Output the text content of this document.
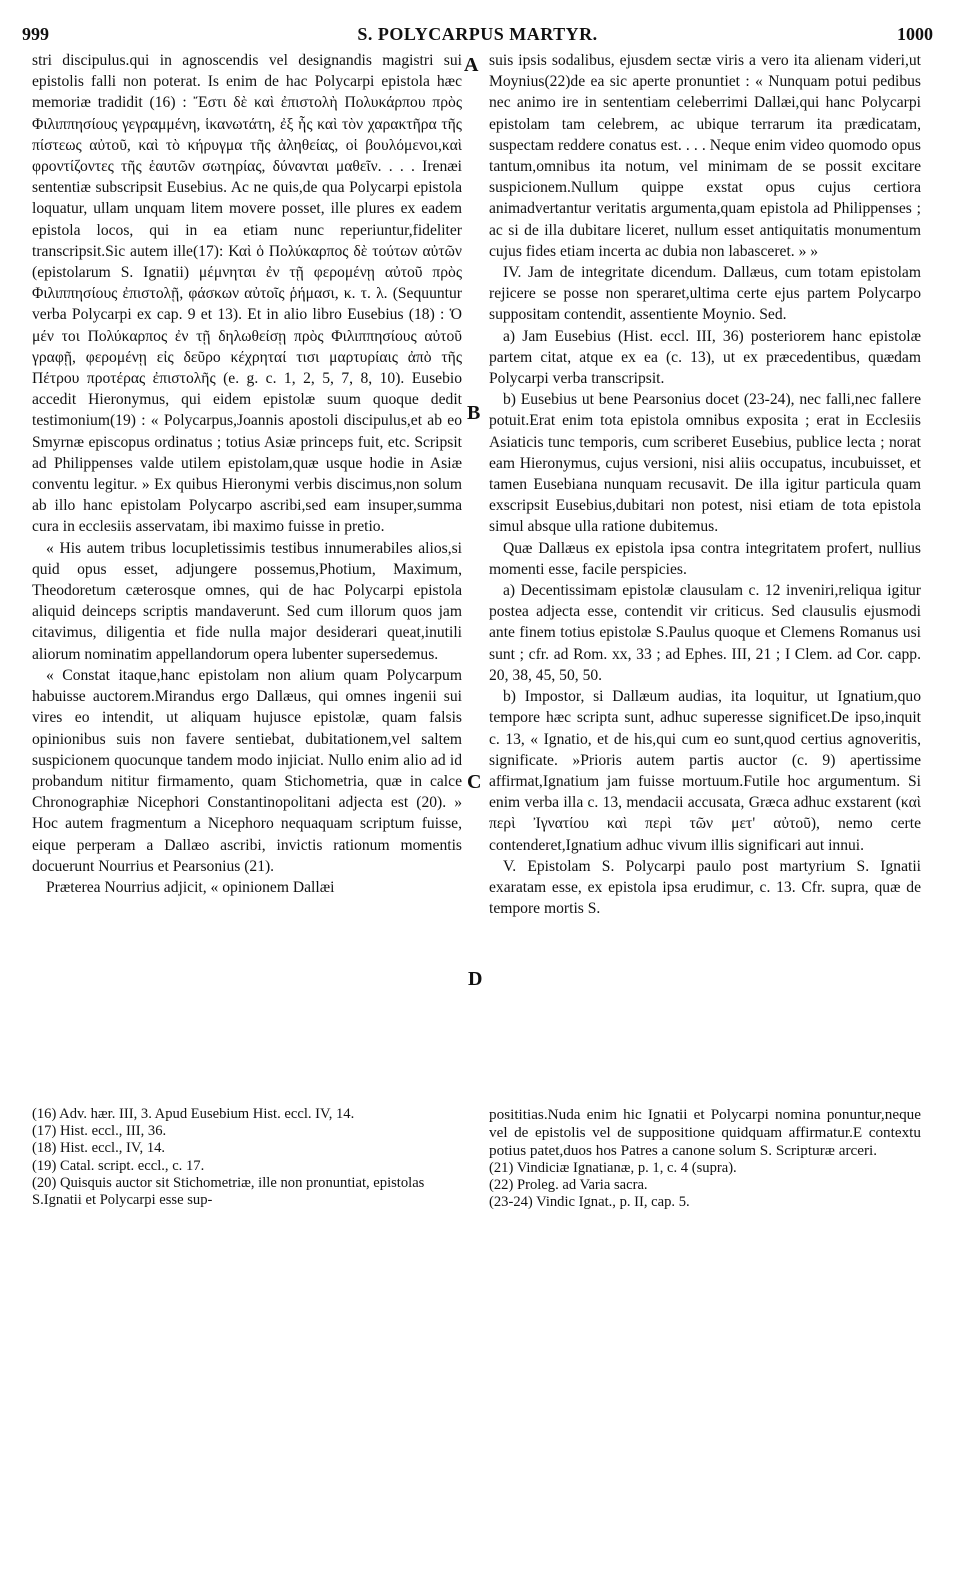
999	S. POLYCARPUS MARTYR.	1000

stri discipulus.qui in agnoscendis vel designandis magistri sui epistolis falli non poterat. Is enim de hac Polycarpi epistola hæc memoriæ tradidit (16) : Ἔστι δὲ καὶ ἐπιστολὴ Πολυκάρπου πρὸς Φιλιππησίους γεγραμμένη, ἱκανωτάτη, ἐξ ἧς καὶ τὸν χαρακτῆρα τῆς πίστεως αὐτοῦ, καὶ τὸ κήρυγμα τῆς ἀληθείας, οἱ βουλόμενοι,καὶ φροντίζοντες τῆς ἑαυτῶν σωτηρίας, δύνανται μαθεῖν. . . . Irenæi sententiæ subscripsit Eusebius. Ac ne quis,de qua Polycarpi epistola loquatur, ullam unquam litem movere posset, ille plures ex eadem epistola locos, qui in ea etiam nunc reperiuntur,fideliter transcripsit.Sic autem ille(17): Καὶ ὁ Πολύκαρπος δὲ τούτων αὐτῶν (epistolarum S. Ignatii) μέμνηται ἐν τῇ φερομένῃ αὐτοῦ πρὸς Φιλιππησίους ἐπιστολῇ, φάσκων αὐτοῖς ῥήμασι, κ. τ. λ. (Sequuntur verba Polycarpi ex cap. 9 et 13). Et in alio libro Eusebius (18) : Ὁ μέν τοι Πολύκαρπος ἐν τῇ δηλωθείσῃ πρὸς Φιλιππησίους αὐτοῦ γραφῇ, φερομένῃ εἰς δεῦρο κέχρηταί τισι μαρτυρίαις ἀπὸ τῆς Πέτρου προτέρας ἐπιστολῆς (e. g. c. 1, 2, 5, 7, 8, 10). Eusebio accedit Hieronymus, qui eidem epistolæ suum quoque dedit testimonium(19) : « Polycarpus,Joannis apostoli discipulus,et ab eo Smyrnæ episcopus ordinatus ; totius Asiæ princeps fuit, etc. Scripsit ad Philippenses valde utilem epistolam,quæ usque hodie in Asiæ conventu legitur. » Ex quibus Hieronymi verbis discimus,non solum ab illo hanc epistolam Polycarpo ascribi,sed eam insuper,summa cura in ecclesiis asservatam, ibi maximo fuisse in pretio.

« His autem tribus locupletissimis testibus innumerabiles alios,si quid opus esset, adjungere possemus,Photium, Maximum, Theodoretum cæterosque omnes, qui de hac Polycarpi epistola aliquid deinceps scriptis mandaverunt. Sed cum illorum quos jam citavimus, diligentia et fide nulla major desiderari queat,inutili aliorum nominatim appellandorum opera lubenter supersedemus.

« Constat itaque,hanc epistolam non alium quam Polycarpum habuisse auctorem.Mirandus ergo Dallæus, qui omnes ingenii sui vires eo intendit, ut aliquam hujusce epistolæ, quam falsis opinionibus suis non favere sentiebat, dubitationem,vel saltem suspicionem quocunque tandem modo injiciat. Nullo enim alio ad id probandum nititur firmamento, quam Stichometria, quæ in calce Chronographiæ Nicephori Constantinopolitani adjecta est (20). » Hoc autem fragmentum a Nicephoro nequaquam scriptum fuisse, eique perperam a Dallæo ascribi, invictis rationum momentis docuerunt Nourrius et Pearsonius (21).

Præterea Nourrius adjicit, « opinionem Dallæi

A
B
C
D

suis ipsis sodalibus, ejusdem sectæ viris a vero ita alienam videri,ut Moynius(22)de ea sic aperte pronuntiet : « Nunquam potui pedibus nec animo ire in sententiam celeberrimi Dallæi,qui hanc Polycarpi epistolam tam celebrem, ac ubique terrarum ita prædicatam, suspectam reddere conatus est. . . . Neque enim video quomodo opus tantum,omnibus ita notum, vel minimam de se possit excitare suspicionem.Nullum quippe exstat opus cujus certiora animadvertantur veritatis argumenta,quam epistola ad Philippenses ; ac si de illa dubitare liceret, nullum esset antiquitatis monumentum cujus fides etiam incerta ac dubia non labasceret. » »

IV. Jam de integritate dicendum. Dallæus, cum totam epistolam rejicere se posse non speraret,ultima certe ejus partem Polycarpo suppositam contendit, assentiente Moynio. Sed.

a) Jam Eusebius (Hist. eccl. III, 36) posteriorem hanc epistolæ partem citat, atque ex ea (c. 13), ut ex præcedentibus, quædam Polycarpi verba transcripsit.

b) Eusebius ut bene Pearsonius docet (23-24), nec falli,nec fallere potuit.Erat enim tota epistola omnibus exposita ; erat in Ecclesiis Asiaticis tunc temporis, cum scriberet Eusebius, publice lecta ; norat eam Hieronymus, cujus versioni, nisi aliis occupatus, incubuisset, et tamen Eusebiana nunquam recusavit. De illa igitur particula quam exscripsit Eusebius,dubitari non potest, nisi etiam de tota epistola simul absque ulla ratione dubitemus.

Quæ Dallæus ex epistola ipsa contra integritatem profert, nullius momenti esse, facile perspicies.

a) Decentissimam epistolæ clausulam c. 12 inveniri,reliqua igitur postea adjecta esse, contendit vir criticus. Sed clausulis ejusmodi ante finem totius epistolæ S.Paulus quoque et Clemens Romanus usi sunt ; cfr. ad Rom. xx, 33 ; ad Ephes. III, 21 ; I Clem. ad Cor. capp. 20, 38, 45, 50, 50.

b) Impostor, si Dallæum audias, ita loquitur, ut Ignatium,quo tempore hæc scripta sunt, adhuc superesse significet.De ipso,inquit c. 13, « Ignatio, et de his,qui cum eo sunt,quod certius agnoveritis, significate. »Prioris autem partis auctor (c. 9) apertissime affirmat,Ignatium jam fuisse mortuum.Futile hoc argumentum. Si enim verba illa c. 13, mendacii accusata, Græca adhuc exstarent (καὶ περὶ Ἰγνατίου καὶ περὶ τῶν μετ' αὐτοῦ), nemo certe contenderet,Ignatium adhuc vivum illis significari aut innui.

V. Epistolam S. Polycarpi paulo post martyrium S. Ignatii exaratam esse, ex epistola ipsa erudimur, c. 13. Cfr. supra, quæ de tempore mortis S.

(16) Adv. hær. III, 3. Apud Eusebium Hist. eccl. IV, 14.

(17) Hist. eccl., III, 36.

(18) Hist. eccl., IV, 14.

(19) Catal. script. eccl., c. 17.

(20) Quisquis auctor sit Stichometriæ, ille non pronuntiat, epistolas S.Ignatii et Polycarpi esse sup-

posititias.Nuda enim hic Ignatii et Polycarpi nomina ponuntur,neque vel de epistolis vel de suppositione quidquam affirmatur.E contextu potius patet,duos hos Patres a canone solum S. Scripturæ arceri.

(21) Vindiciæ Ignatianæ, p. 1, c. 4 (supra).

(22) Proleg. ad Varia sacra.

(23-24) Vindic Ignat., p. II, cap. 5.
